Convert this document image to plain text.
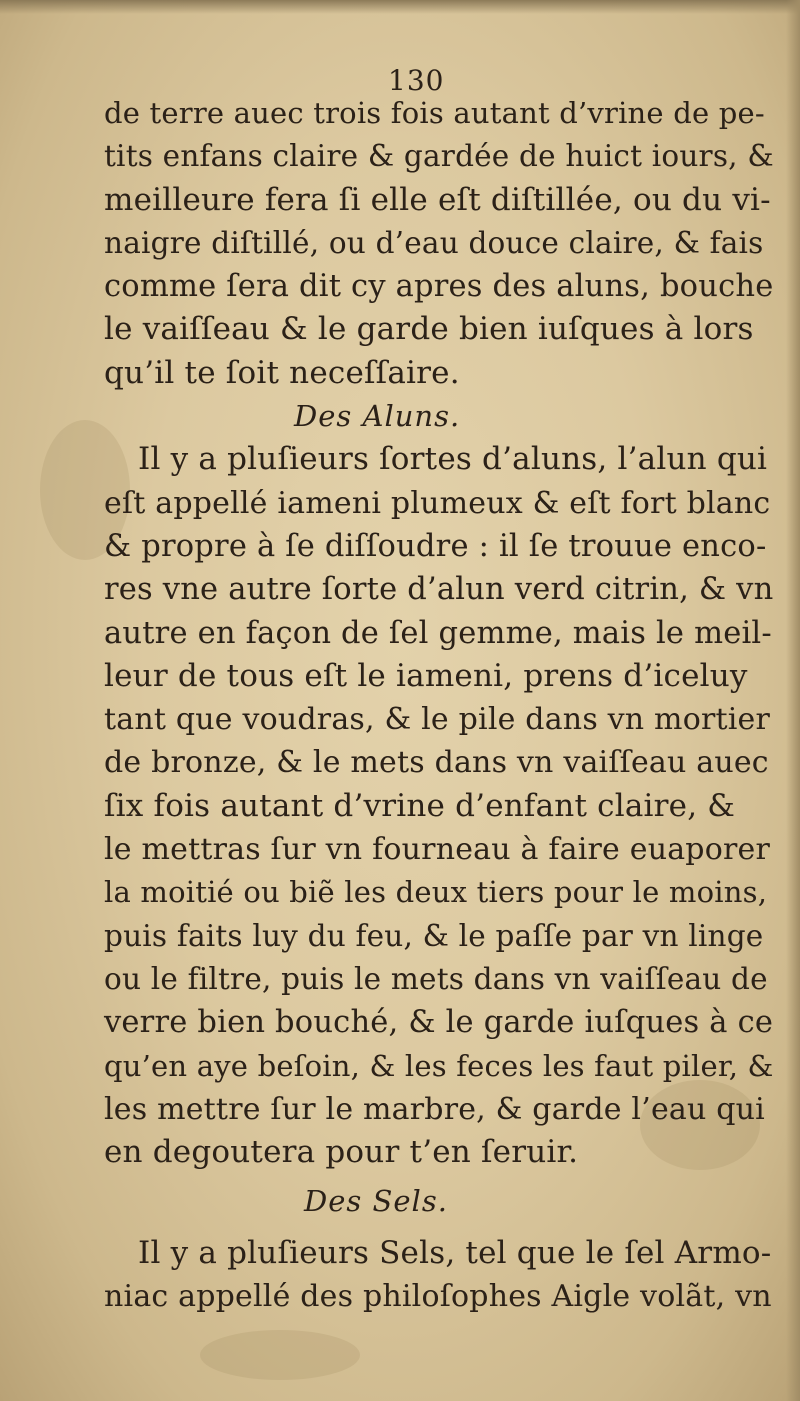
130
de terre auec trois fois autant d’vrine de pe-
tits enfans claire & gardée de huict iours, &
meilleure fera ſi elle eſt diſtillée, ou du vi-
naigre diſtillé, ou d’eau douce claire, & fais
comme ſera dit cy apres des aluns, bouche
le vaiſſeau & le garde bien iuſques à lors
qu’il te ſoit neceſſaire.
Des Aluns.
Il y a pluſieurs ſortes d’aluns, l’alun qui
eſt appellé iameni plumeux & eſt fort blanc
& propre à ſe diſſoudre : il ſe trouue enco-
res vne autre ſorte d’alun verd citrin, & vn
autre en façon de ſel gemme, mais le meil-
leur de tous eſt le iameni, prens d’iceluy
tant que voudras, & le pile dans vn mortier
de bronze, & le mets dans vn vaiſſeau auec
ſix fois autant d’vrine d’enfant claire, &
le mettras ſur vn fourneau à faire euaporer
la moitié ou biẽ les deux tiers pour le moins,
puis faits luy du feu, & le paſſe par vn linge
ou le filtre, puis le mets dans vn vaiſſeau de
verre bien bouché, & le garde iuſques à ce
qu’en aye beſoin, & les feces les faut piler, &
les mettre ſur le marbre, & garde l’eau qui
en degoutera pour t’en ſeruir.
Des Sels.
Il y a pluſieurs Sels, tel que le ſel Armo-
niac appellé des philoſophes Aigle volãt, vn
